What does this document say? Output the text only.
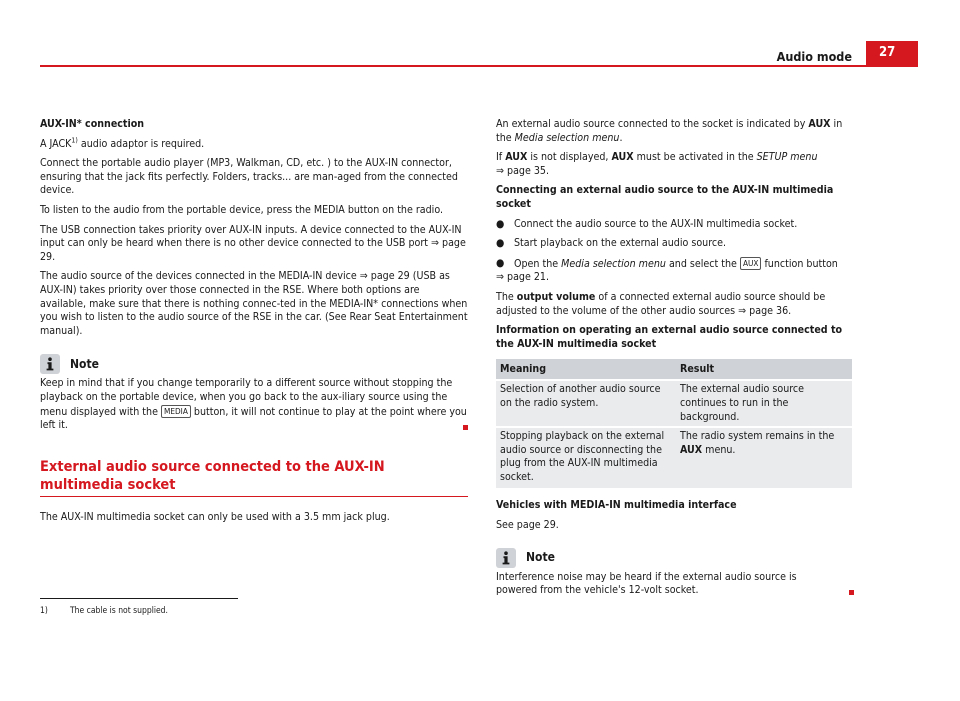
Audio mode	27

AUX-IN* connection

A JACK$^{1)}$ audio adaptor is required.

Connect the portable audio player (MP3, Walkman, CD, etc. ) to the AUX-IN connector, ensuring that the jack fits perfectly. Folders, tracks... are man-aged from the connected device.

To listen to the audio from the portable device, press the MEDIA button on the radio.

The USB connection takes priority over AUX-IN inputs. A device connected to the AUX-IN input can only be heard when there is no other device connected to the USB port ⇒ page 29.

The audio source of the devices connected in the MEDIA-IN device ⇒ page 29 (USB as AUX-IN) takes priority over those connected in the RSE. Where both options are available, make sure that there is nothing connec-ted in the MEDIA-IN* connections when you wish to listen to the audio source of the RSE in the car. (See Rear Seat Entertainment manual).

Note

Keep in mind that if you change temporarily to a different source without stopping the playback on the portable device, when you go back to the aux-iliary source using the menu displayed with the MEDIA button, it will not continue to play at the point where you left it.

External audio source connected to the AUX-IN multimedia socket

The AUX-IN multimedia socket can only be used with a 3.5 mm jack plug.

An external audio source connected to the socket is indicated by AUX in the Media selection menu.

If AUX is not displayed, AUX must be activated in the SETUP menu
⇒ page 35.

Connecting an external audio source to the AUX-IN multimedia socket

● Connect the audio source to the AUX-IN multimedia socket.
● Start playback on the external audio source.
● Open the Media selection menu and select the AUX function button

⇒ page 21.

The output volume of a connected external audio source should be adjusted to the volume of the other audio sources ⇒ page 36.

Information on operating an external audio source connected to the AUX-IN multimedia socket

Meaning	Result
Selection of another audio source on the radio system.	The external audio source continues to run in the background.
Stopping playback on the external audio source or disconnecting the plug from the AUX-IN multimedia socket.	The radio system remains in the AUX menu.

Vehicles with MEDIA-IN multimedia interface

See page 29.

Note

Interference noise may be heard if the external audio source is powered from the vehicle's 12-volt socket.

1)	The cable is not supplied.
